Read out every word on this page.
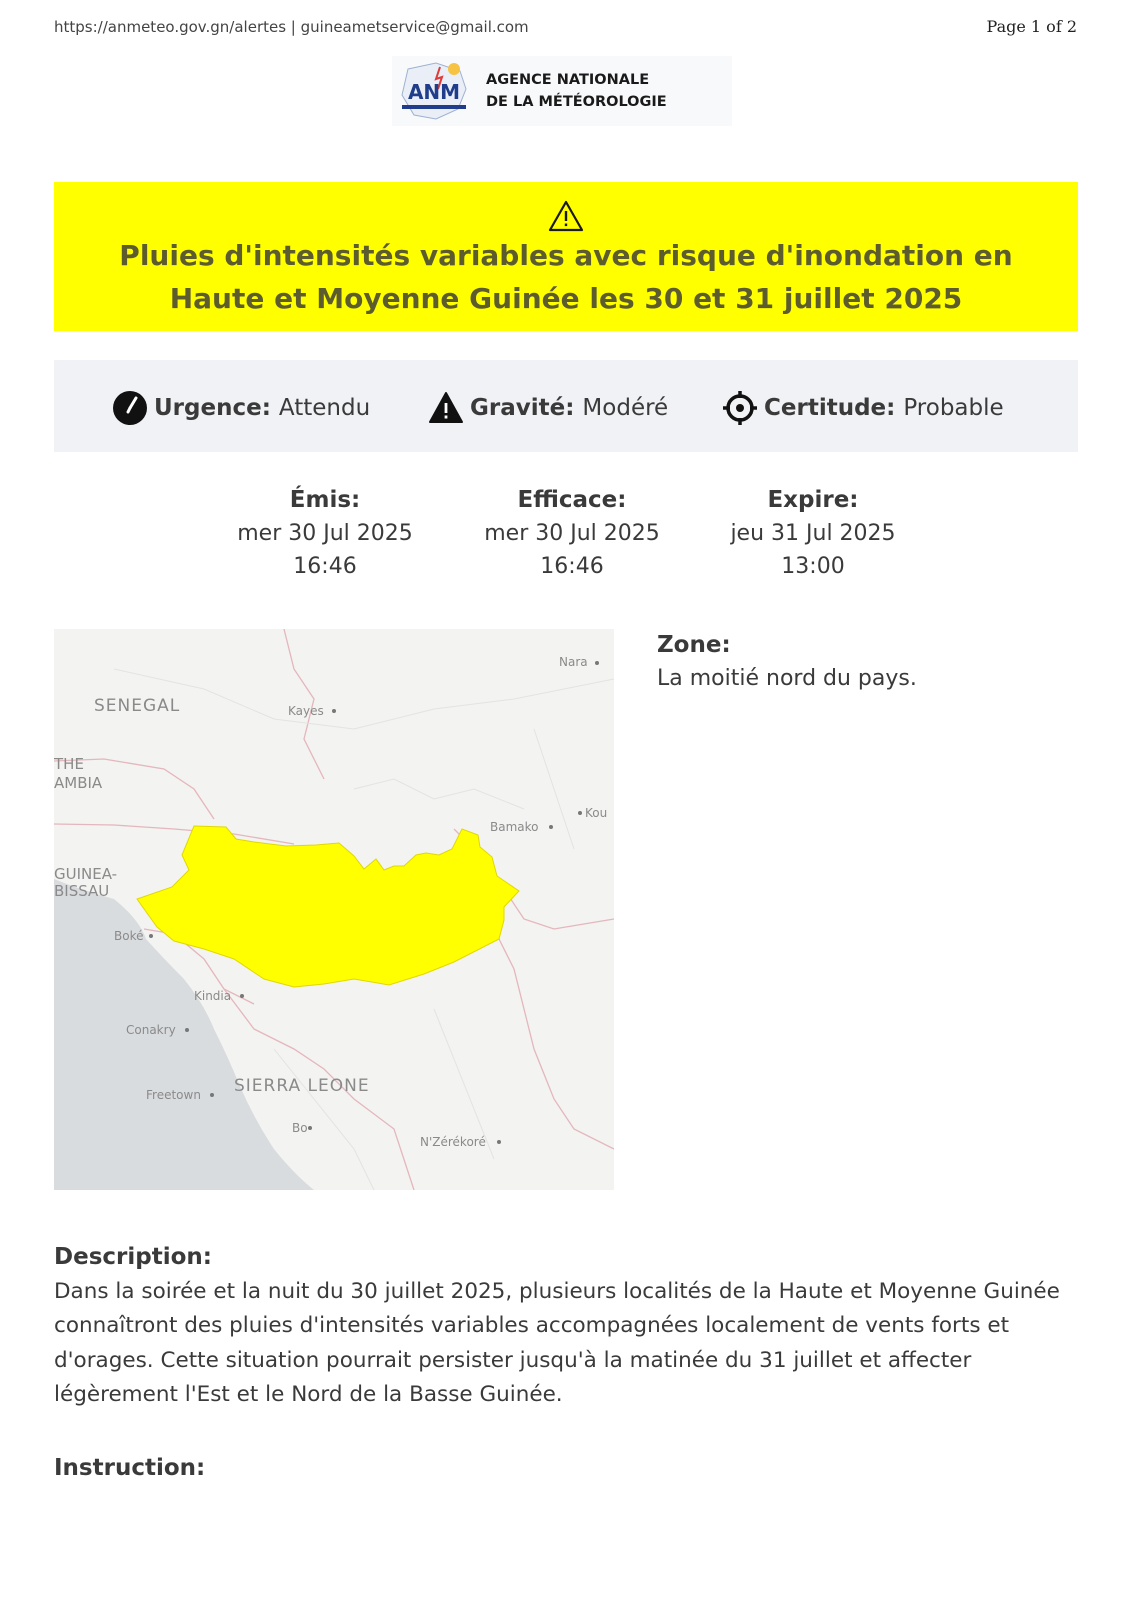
https://anmeteo.gov.gn/alertes | guineametservice@gmail.com	Page 1 of 2
ANM AGENCE NATIONALE
DE LA MÉTÉOROLOGIE
Pluies d'intensités variables avec risque d'inondation en Haute et Moyenne Guinée les 30 et 31 juillet 2025
Urgence: Attendu	Gravité: Modéré	Certitude: Probable
Émis:
mer 30 Jul 2025
16:46
Efficace:
mer 30 Jul 2025
16:46
Expire:
jeu 31 Jul 2025
13:00
SENEGAL
THE
AMBIA
GUINEA-
BISSAU
SIERRA LEONE
Nara
Kayes
Bamako
Kou
Boké
Kindia
Conakry
Freetown
Bo
N'Zérékoré
Zone:
La moitié nord du pays.
Description:
Dans la soirée et la nuit du 30 juillet 2025, plusieurs localités de la Haute et Moyenne Guinée connaîtront des pluies d'intensités variables accompagnées localement de vents forts et d'orages. Cette situation pourrait persister jusqu'à la matinée du 31 juillet et affecter légèrement l'Est et le Nord de la Basse Guinée.
Instruction:
